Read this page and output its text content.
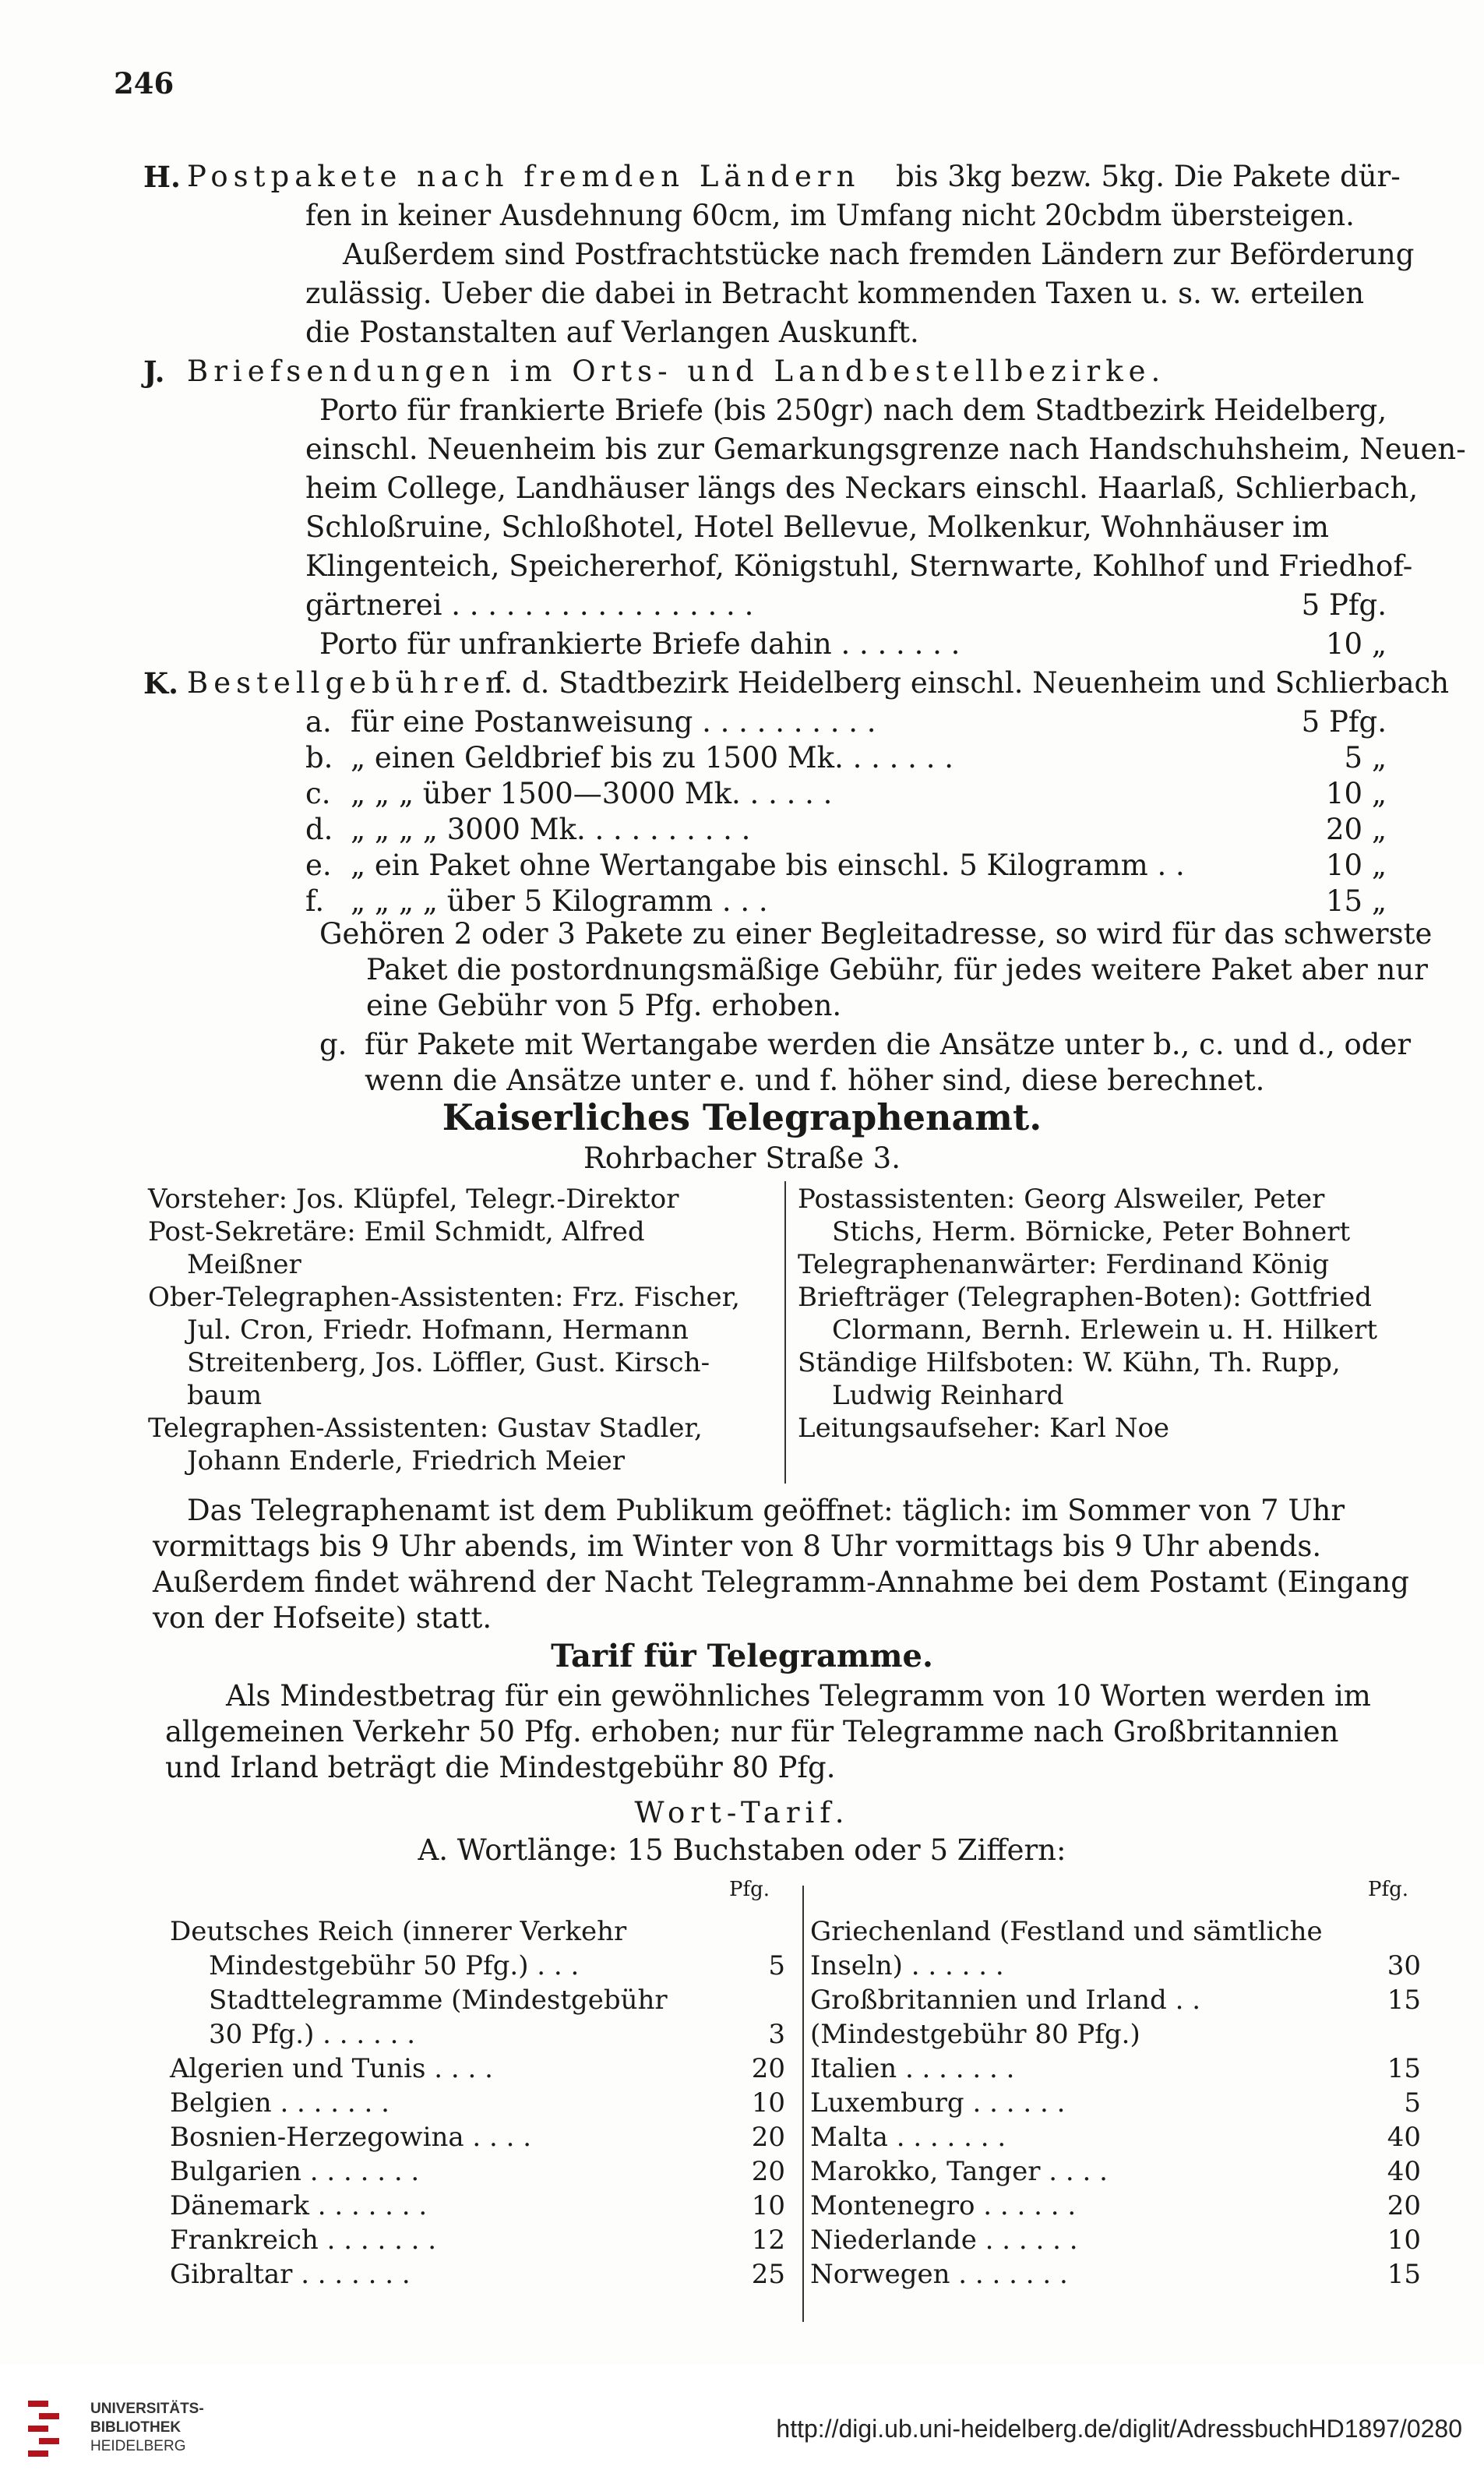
246
H. Postpakete nach fremden Ländern bis 3kg bezw. 5kg. Die Pakete dür-
fen in keiner Ausdehnung 60cm, im Umfang nicht 20cbdm übersteigen.
Außerdem sind Postfrachtstücke nach fremden Ländern zur Beförderung
zulässig. Ueber die dabei in Betracht kommenden Taxen u. s. w. erteilen
die Postanstalten auf Verlangen Auskunft.
J. Briefsendungen im Orts- und Landbestellbezirke.
Porto für frankierte Briefe (bis 250gr) nach dem Stadtbezirk Heidelberg,
einschl. Neuenheim bis zur Gemarkungsgrenze nach Handschuhsheim, Neuen-
heim College, Landhäuser längs des Neckars einschl. Haarlaß, Schlierbach,
Schloßruine, Schloßhotel, Hotel Bellevue, Molkenkur, Wohnhäuser im
Klingenteich, Speichererhof, Königstuhl, Sternwarte, Kohlhof und Friedhof-
gärtnerei . . . . . . . . . . . . . . . . .	5 Pfg.
Porto für unfrankierte Briefe dahin . . . . . . .	10 „
K. Bestellgebühren
f. d. Stadtbezirk Heidelberg einschl. Neuenheim und Schlierbach
a. für eine Postanweisung . . . . . . . . . .	5 Pfg.
b. „ einen Geldbrief bis zu 1500 Mk. . . . . . .	5 „
c. „ „ „ über 1500—3000 Mk. . . . . .	10 „
d. „ „ „ „ 3000 Mk. . . . . . . . . .	20 „
e. „ ein Paket ohne Wertangabe bis einschl. 5 Kilogramm . .	10 „
f. „ „ „ „ über 5 Kilogramm . . .	15 „
Gehören 2 oder 3 Pakete zu einer Begleitadresse, so wird für das schwerste
Paket die postordnungsmäßige Gebühr, für jedes weitere Paket aber nur
eine Gebühr von 5 Pfg. erhoben.
g. für Pakete mit Wertangabe werden die Ansätze unter b., c. und d., oder
wenn die Ansätze unter e. und f. höher sind, diese berechnet.
Kaiserliches Telegraphenamt.
Rohrbacher Straße 3.
Vorsteher: Jos. Klüpfel, Telegr.-Direktor
Post-Sekretäre: Emil Schmidt, Alfred
Meißner
Ober-Telegraphen-Assistenten: Frz. Fischer,
Jul. Cron, Friedr. Hofmann, Hermann
Streitenberg, Jos. Löffler, Gust. Kirsch-
baum
Telegraphen-Assistenten: Gustav Stadler,
Johann Enderle, Friedrich Meier
Postassistenten: Georg Alsweiler, Peter
Stichs, Herm. Börnicke, Peter Bohnert
Telegraphenanwärter: Ferdinand König
Briefträger (Telegraphen-Boten): Gottfried
Clormann, Bernh. Erlewein u. H. Hilkert
Ständige Hilfsboten: W. Kühn, Th. Rupp,
Ludwig Reinhard
Leitungsaufseher: Karl Noe
Das Telegraphenamt ist dem Publikum geöffnet: täglich: im Sommer von 7 Uhr
vormittags bis 9 Uhr abends, im Winter von 8 Uhr vormittags bis 9 Uhr abends.
Außerdem findet während der Nacht Telegramm-Annahme bei dem Postamt (Eingang
von der Hofseite) statt.
Tarif für Telegramme.
Als Mindestbetrag für ein gewöhnliches Telegramm von 10 Worten werden im
allgemeinen Verkehr 50 Pfg. erhoben; nur für Telegramme nach Großbritannien
und Irland beträgt die Mindestgebühr 80 Pfg.
Wort-Tarif.
A. Wortlänge: 15 Buchstaben oder 5 Ziffern:
Pfg.	Pfg.
Deutsches Reich (innerer Verkehr
Mindestgebühr 50 Pfg.) . . .	5
Stadttelegramme (Mindestgebühr
30 Pfg.) . . . . . .	3
Algerien und Tunis . . . .	20
Belgien . . . . . . .	10
Bosnien-Herzegowina . . . .	20
Bulgarien . . . . . . .	20
Dänemark . . . . . . .	10
Frankreich . . . . . . .	12
Gibraltar . . . . . . .	25
Griechenland (Festland und sämtliche
Inseln) . . . . . .	30
Großbritannien und Irland . .	15
(Mindestgebühr 80 Pfg.)
Italien . . . . . . .	15
Luxemburg . . . . . .	5
Malta . . . . . . .	40
Marokko, Tanger . . . .	40
Montenegro . . . . . .	20
Niederlande . . . . . .	10
Norwegen . . . . . . .	15
UNIVERSITÄTS-
BIBLIOTHEK
HEIDELBERG
http://digi.ub.uni-heidelberg.de/diglit/AdressbuchHD1897/0280
